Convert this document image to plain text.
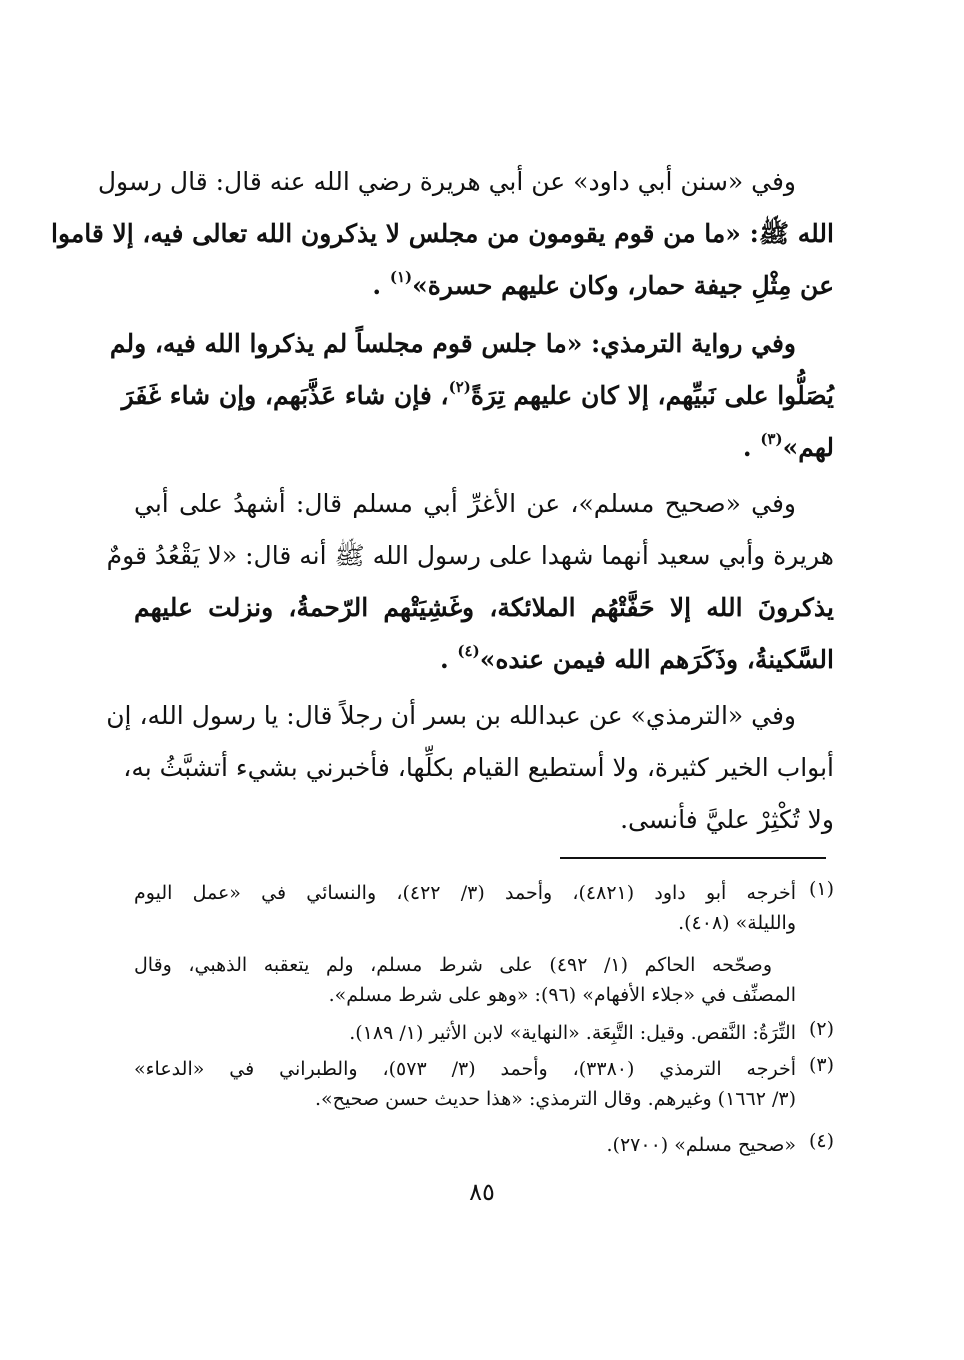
وفي «سنن أبي داود» عن أبي هريرة رضي الله عنه قال: قال رسول
الله ﷺ: «ما من قوم يقومون من مجلس لا يذكرون الله تعالى فيه، إلا قاموا
عن مِثْلِ جيفة حمار، وكان عليهم حسرة»$^{(١)}$ .
وفي رواية الترمذي: «ما جلس قوم مجلساً لم يذكروا الله فيه، ولم
يُصَلُّوا على نَبيِّهم، إلا كان عليهم تِرَةً$^{(٢)}$، فإن شاء عَذَّبَهم، وإن شاء غَفَرَ
لهم»$^{(٣)}$ .
وفي «صحيح مسلم»، عن الأغرِّ أبي مسلم قال: أشهدُ على أبي
هريرة وأبي سعيد أنهما شهدا على رسول الله ﷺ أنه قال: «لا يَقْعُدُ قومٌ
يذكرونَ الله إلا حَفَّتْهُم الملائكة، وغَشِيَتْهم الرّحمةُ، ونزلت عليهم
السَّكينةُ، وذَكَرَهم الله فيمن عنده»$^{(٤)}$ .
وفي «الترمذي» عن عبدالله بن بسر أن رجلاً قال: يا رسول الله، إن
أبواب الخير كثيرة، ولا أستطيع القيام بكلِّها، فأخبرني بشيء أتشبَّثُ به،
ولا تُكْثِرْ عليَّ فأنسى.
(١)
أخرجه أبو داود (٤٨٢١)، وأحمد (٣/ ٤٢٢)، والنسائي في «عمل اليوم
والليلة» (٤٠٨).
وصحّحه الحاكم (١/ ٤٩٢) على شرط مسلم، ولم يتعقبه الذهبي، وقال
المصنِّف في «جلاء الأفهام» (٩٦): «وهو على شرط مسلم».
(٢)
التِّرَةُ: النَّقص. وقيل: التَّبِعَة. «النهاية» لابن الأثير (١/ ١٨٩).
(٣)
أخرجه الترمذي (٣٣٨٠)، وأحمد (٣/ ٥٧٣)، والطبراني في «الدعاء»
(٣/ ١٦٦٢) وغيرهم. وقال الترمذي: «هذا حديث حسن صحيح».
(٤)
«صحيح مسلم» (٢٧٠٠).
٨٥
